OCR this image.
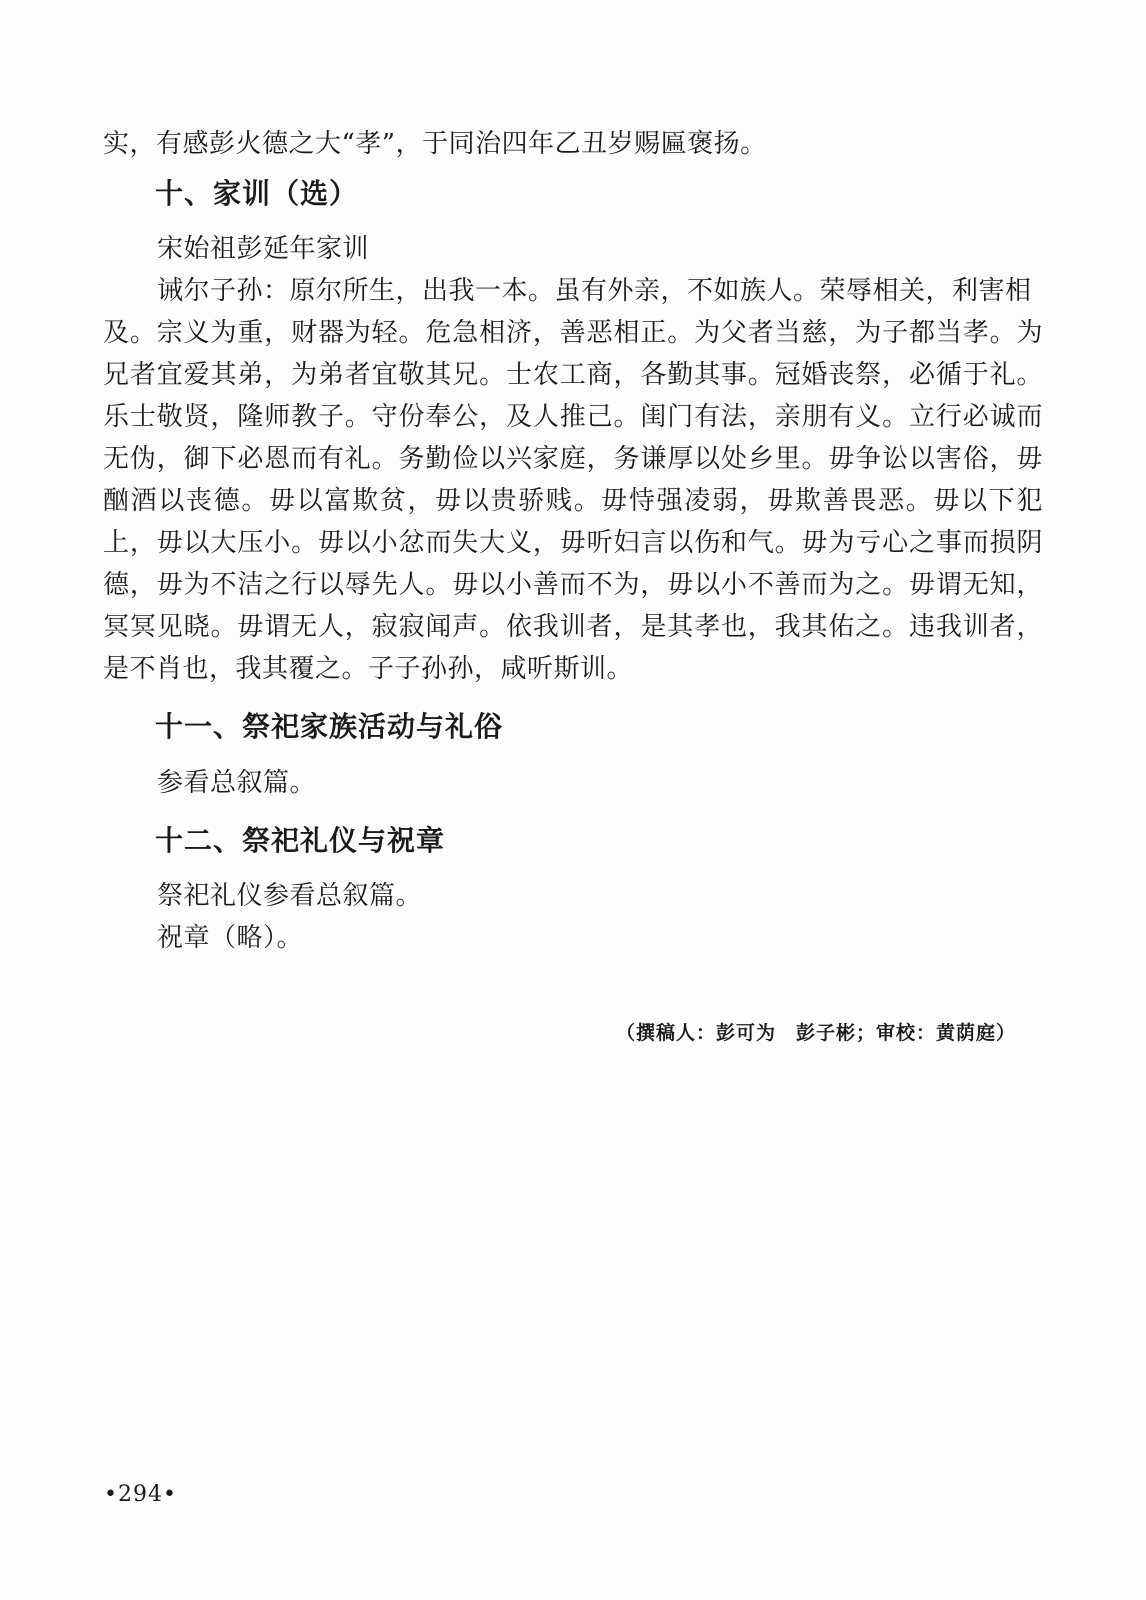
实，有感彭火德之大“孝”，于同治四年乙丑岁赐匾褒扬。
十、家训（选）
宋始祖彭延年家训
诫尔子孙：原尔所生，出我一本。虽有外亲，不如族人。荣辱相关，利害相
及。宗义为重，财器为轻。危急相济，善恶相正。为父者当慈，为子都当孝。为
兄者宜爱其弟，为弟者宜敬其兄。士农工商，各勤其事。冠婚丧祭，必循于礼。
乐士敬贤，隆师教子。守份奉公，及人推己。闺门有法，亲朋有义。立行必诚而
无伪，御下必恩而有礼。务勤俭以兴家庭，务谦厚以处乡里。毋争讼以害俗，毋
酗酒以丧德。毋以富欺贫，毋以贵骄贱。毋恃强凌弱，毋欺善畏恶。毋以下犯
上，毋以大压小。毋以小忿而失大义，毋听妇言以伤和气。毋为亏心之事而损阴
德，毋为不洁之行以辱先人。毋以小善而不为，毋以小不善而为之。毋谓无知，
冥冥见晓。毋谓无人，寂寂闻声。依我训者，是其孝也，我其佑之。违我训者，
是不肖也，我其覆之。子子孙孙，咸听斯训。
十一、祭祀家族活动与礼俗
参看总叙篇。
十二、祭祀礼仪与祝章
祭祀礼仪参看总叙篇。
祝章（略）。
（撰稿人：彭可为　彭子彬；审校：黄荫庭）
•294•
